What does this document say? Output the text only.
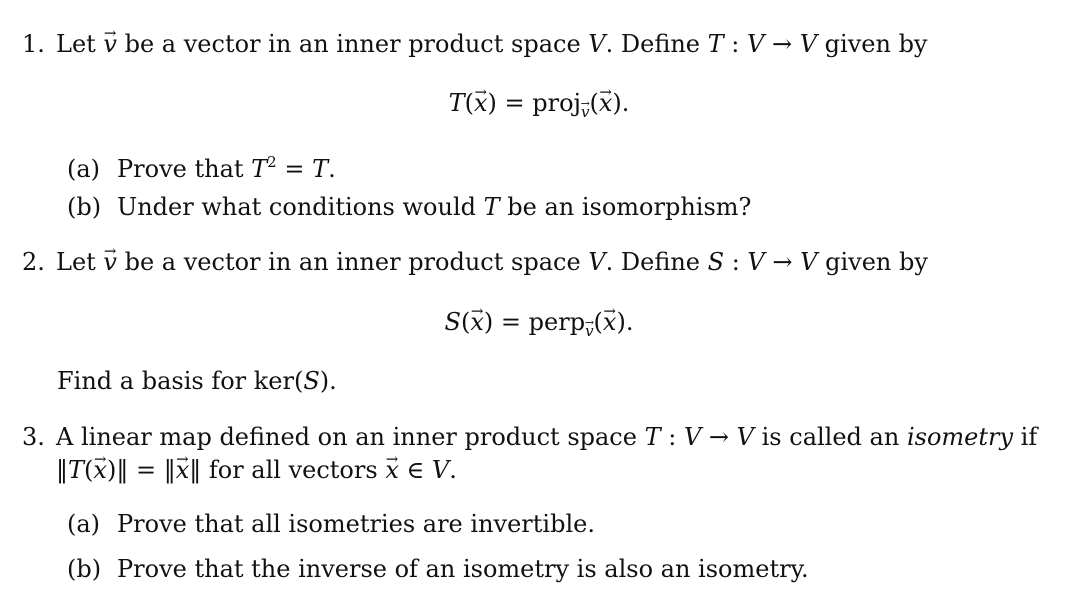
1. Let → v be a vector in an inner product space V. Define T : V → V given by
T(→ x) = proj→ $_v$(→ x).
(a) Prove that $T^2 = T$.
(b) Under what conditions would T be an isomorphism?
2. Let → v be a vector in an inner product space V. Define S : V → V given by
S(→ x) = perp→ $_v$(→ x).
Find a basis for ker(S).
3. A linear map defined on an inner product space T : V → V is called an isometry if
‖T(→ x)‖ = ‖→ x‖ for all vectors → x ∈ V.
(a) Prove that all isometries are invertible.
(b) Prove that the inverse of an isometry is also an isometry.
